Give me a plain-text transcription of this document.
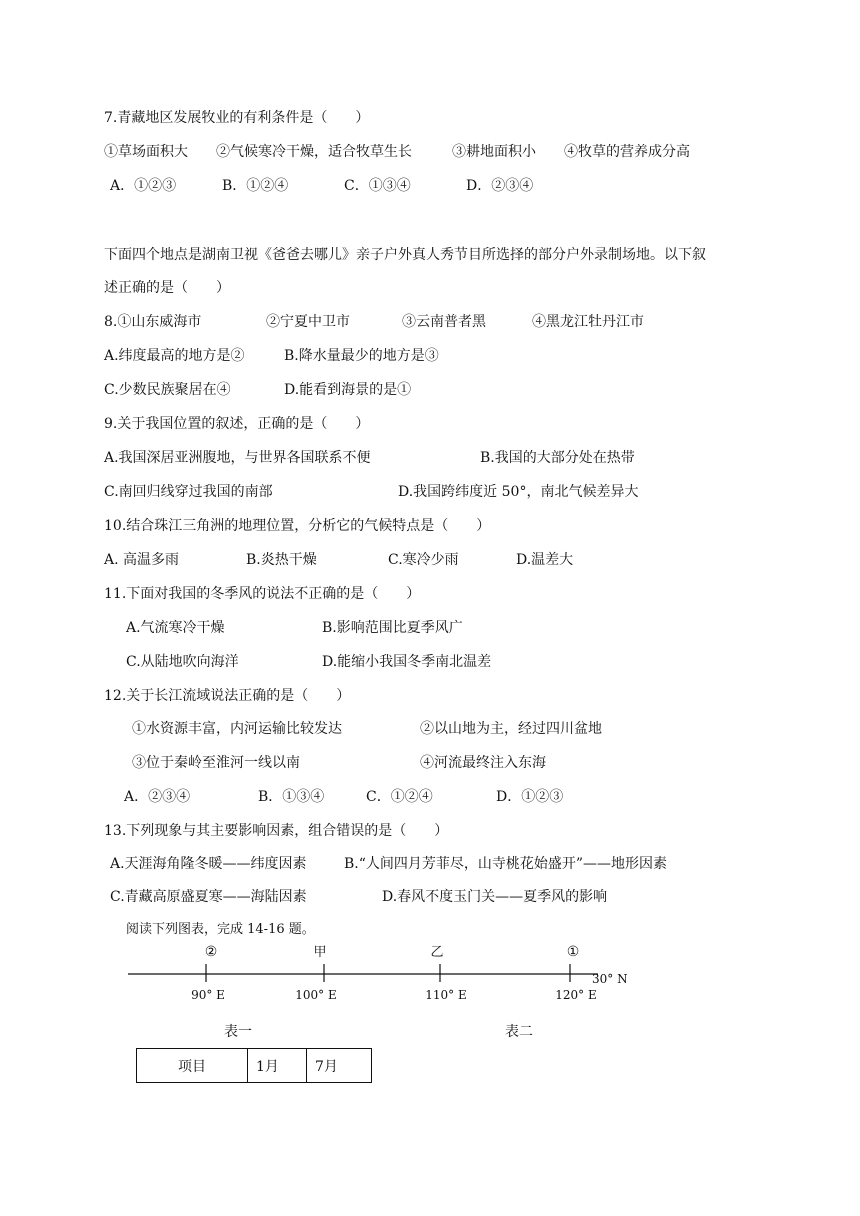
7.青藏地区发展牧业的有利条件是（　　）
①草场面积大 ②气候寒冷干燥，适合牧草生长	③耕地面积小 ④牧草的营养成分高
A．①②③	B．①②④	C．①③④	D．②③④
下面四个地点是湖南卫视《爸爸去哪儿》亲子户外真人秀节目所选择的部分户外录制场地。以下叙
述正确的是（　　）
8.①山东威海市	②宁夏中卫市	③云南普者黑	④黑龙江牡丹江市
A.纬度最高的地方是②	B.降水量最少的地方是③
C.少数民族聚居在④	D.能看到海景的是①
9.关于我国位置的叙述，正确的是（　　）
A.我国深居亚洲腹地，与世界各国联系不便	B.我国的大部分处在热带
C.南回归线穿过我国的南部	D.我国跨纬度近 50°，南北气候差异大
10.结合珠江三角洲的地理位置，分析它的气候特点是（　　）
A. 高温多雨	B.炎热干燥	C.寒冷少雨	D.温差大
11.下面对我国的冬季风的说法不正确的是（　　）
A.气流寒冷干燥	B.影响范围比夏季风广
C.从陆地吹向海洋	D.能缩小我国冬季南北温差
12.关于长江流域说法正确的是（　　）
①水资源丰富，内河运输比较发达	②以山地为主，经过四川盆地
③位于秦岭至淮河一线以南	④河流最终注入东海
A．②③④	B．①③④	C．①②④	D．①②③
13.下列现象与其主要影响因素，组合错误的是（　　）
A.天涯海角隆冬暖——纬度因素	B.“人间四月芳菲尽，山寺桃花始盛开”——地形因素
C.青藏高原盛夏寒——海陆因素	D.春风不度玉门关——夏季风的影响
阅读下列图表，完成 14-16 题。
②	甲	乙	①
30° N
90° E	100° E	110° E	120° E
表一	表二
项目	1月	7月
